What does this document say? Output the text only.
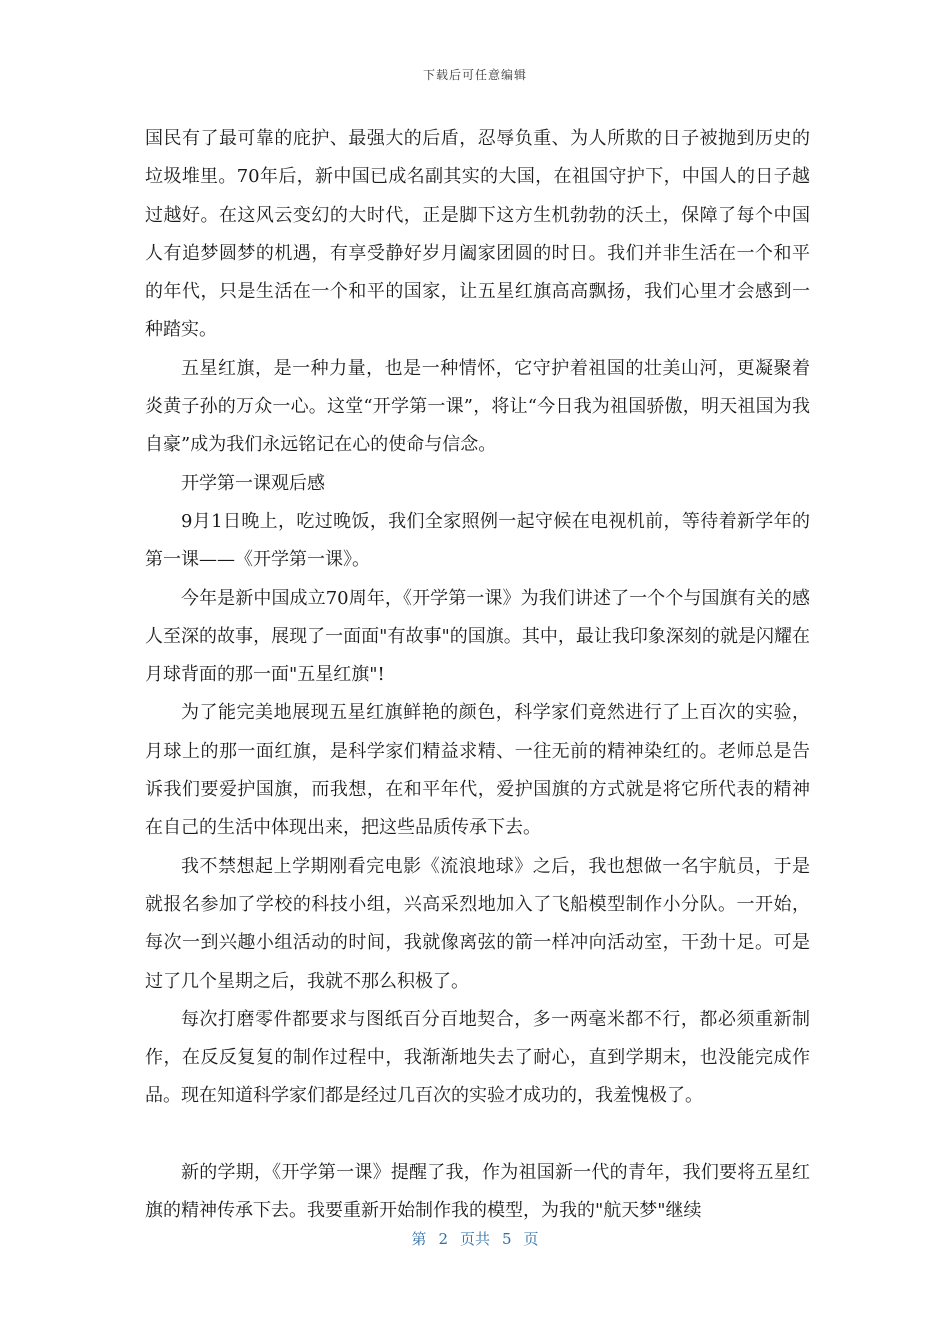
下载后可任意编辑

国民有了最可靠的庇护、最强大的后盾，忍辱负重、为人所欺的日子被抛到历史的垃圾堆里。70年后，新中国已成名副其实的大国，在祖国守护下，中国人的日子越过越好。在这风云变幻的大时代，正是脚下这方生机勃勃的沃土，保障了每个中国人有追梦圆梦的机遇，有享受静好岁月阖家团圆的时日。我们并非生活在一个和平的年代，只是生活在一个和平的国家，让五星红旗高高飘扬，我们心里才会感到一种踏实。

五星红旗，是一种力量，也是一种情怀，它守护着祖国的壮美山河，更凝聚着炎黄子孙的万众一心。这堂“开学第一课”，将让“今日我为祖国骄傲，明天祖国为我自豪”成为我们永远铭记在心的使命与信念。

开学第一课观后感

9月1日晚上，吃过晚饭，我们全家照例一起守候在电视机前，等待着新学年的第一课——《开学第一课》。

今年是新中国成立70周年，《开学第一课》为我们讲述了一个个与国旗有关的感人至深的故事，展现了一面面"有故事"的国旗。其中，最让我印象深刻的就是闪耀在月球背面的那一面"五星红旗"!

为了能完美地展现五星红旗鲜艳的颜色，科学家们竟然进行了上百次的实验，月球上的那一面红旗，是科学家们精益求精、一往无前的精神染红的。老师总是告诉我们要爱护国旗，而我想，在和平年代，爱护国旗的方式就是将它所代表的精神在自己的生活中体现出来，把这些品质传承下去。

我不禁想起上学期刚看完电影《流浪地球》之后，我也想做一名宇航员，于是就报名参加了学校的科技小组，兴高采烈地加入了飞船模型制作小分队。一开始，每次一到兴趣小组活动的时间，我就像离弦的箭一样冲向活动室，干劲十足。可是过了几个星期之后，我就不那么积极了。

每次打磨零件都要求与图纸百分百地契合，多一两毫米都不行，都必须重新制作，在反反复复的制作过程中，我渐渐地失去了耐心，直到学期末，也没能完成作品。现在知道科学家们都是经过几百次的实验才成功的，我羞愧极了。

新的学期，《开学第一课》提醒了我，作为祖国新一代的青年，我们要将五星红旗的精神传承下去。我要重新开始制作我的模型，为我的"航天梦"继续

第 2 页共 5 页
